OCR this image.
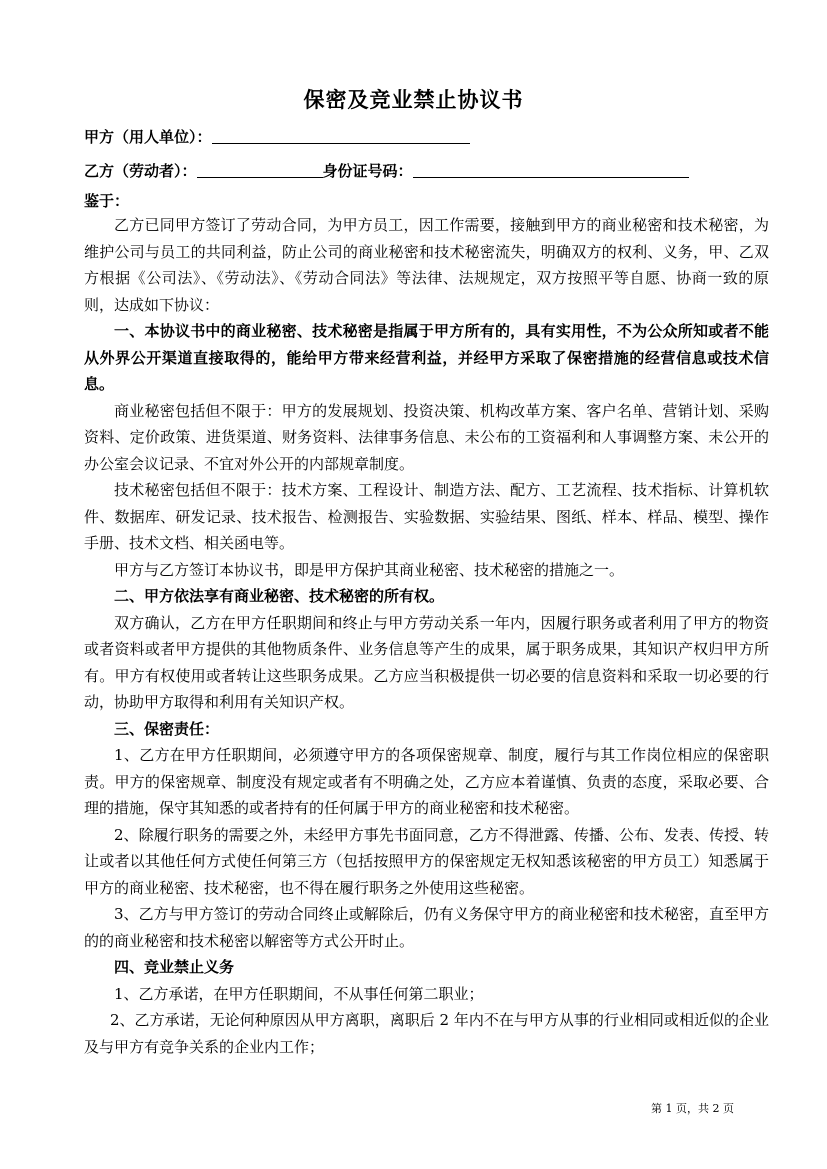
保密及竞业禁止协议书
甲方（用人单位）：
乙方（劳动者）：	身份证号码：
鉴于：

乙方已同甲方签订了劳动合同，为甲方员工，因工作需要，接触到甲方的商业秘密和技术秘密，为维护公司与员工的共同利益，防止公司的商业秘密和技术秘密流失，明确双方的权利、义务，甲、乙双方根据《公司法》、《劳动法》、《劳动合同法》等法律、法规规定，双方按照平等自愿、协商一致的原则，达成如下协议：

一、本协议书中的商业秘密、技术秘密是指属于甲方所有的，具有实用性，不为公众所知或者不能从外界公开渠道直接取得的，能给甲方带来经营利益，并经甲方采取了保密措施的经营信息或技术信息。

商业秘密包括但不限于：甲方的发展规划、投资决策、机构改革方案、客户名单、营销计划、采购资料、定价政策、进货渠道、财务资料、法律事务信息、未公布的工资福利和人事调整方案、未公开的办公室会议记录、不宜对外公开的内部规章制度。

技术秘密包括但不限于：技术方案、工程设计、制造方法、配方、工艺流程、技术指标、计算机软件、数据库、研发记录、技术报告、检测报告、实验数据、实验结果、图纸、样本、样品、模型、操作手册、技术文档、相关函电等。

甲方与乙方签订本协议书，即是甲方保护其商业秘密、技术秘密的措施之一。

二、甲方依法享有商业秘密、技术秘密的所有权。

双方确认，乙方在甲方任职期间和终止与甲方劳动关系一年内，因履行职务或者利用了甲方的物资或者资料或者甲方提供的其他物质条件、业务信息等产生的成果，属于职务成果，其知识产权归甲方所有。甲方有权使用或者转让这些职务成果。乙方应当积极提供一切必要的信息资料和采取一切必要的行动，协助甲方取得和利用有关知识产权。

三、保密责任：

1、乙方在甲方任职期间，必须遵守甲方的各项保密规章、制度，履行与其工作岗位相应的保密职责。甲方的保密规章、制度没有规定或者有不明确之处，乙方应本着谨慎、负责的态度，采取必要、合理的措施，保守其知悉的或者持有的任何属于甲方的商业秘密和技术秘密。

2、除履行职务的需要之外，未经甲方事先书面同意，乙方不得泄露、传播、公布、发表、传授、转让或者以其他任何方式使任何第三方（包括按照甲方的保密规定无权知悉该秘密的甲方员工）知悉属于甲方的商业秘密、技术秘密，也不得在履行职务之外使用这些秘密。

3、乙方与甲方签订的劳动合同终止或解除后，仍有义务保守甲方的商业秘密和技术秘密，直至甲方的的商业秘密和技术秘密以解密等方式公开时止。

四、竞业禁止义务

1、乙方承诺，在甲方任职期间，不从事任何第二职业；

2、乙方承诺，无论何种原因从甲方离职，离职后 2 年内不在与甲方从事的行业相同或相近似的企业及与甲方有竞争关系的企业内工作；

第 1 页，共 2 页
